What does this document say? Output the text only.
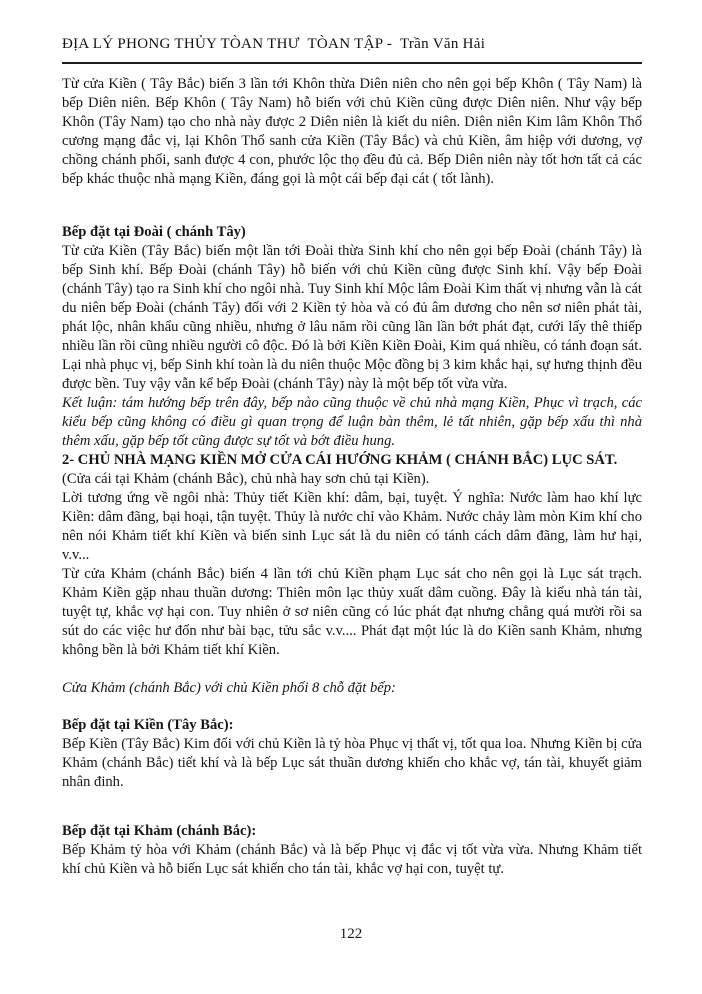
ĐỊA LÝ PHONG THỦY TÒAN THƯ  TÒAN TẬP -  Trần Văn Hải

Từ cửa Kiền ( Tây Bắc) biến 3 lần tới Khôn thừa Diên niên cho nên gọi bếp Khôn ( Tây Nam) là bếp Diên niên. Bếp Khôn ( Tây Nam) hỗ biến với chủ Kiền cũng được Diên niên. Như vậy bếp Khôn (Tây Nam) tạo cho nhà này được 2 Diên niên là kiết du niên. Diên niên Kim lâm Khôn Thổ cương mạng đắc vị, lại Khôn Thổ sanh cửa Kiền (Tây Bắc) và chủ Kiền, âm hiệp với dương, vợ chồng chánh phối, sanh được 4 con, phước lộc thọ đều đủ cả. Bếp Diên niên này tốt hơn tất cả các bếp khác thuộc nhà mạng Kiền, đáng gọi là một cái bếp đại cát ( tốt lành).

Bếp đặt tại Đoài ( chánh Tây)

Từ cửa Kiền (Tây Bắc) biến một lần tới Đoài thừa Sinh khí cho nên gọi bếp Đoài (chánh Tây) là bếp Sinh khí. Bếp Đoài (chánh Tây) hỗ biến với chủ Kiền cũng được Sinh khí. Vậy bếp Đoài (chánh Tây) tạo ra Sinh khí cho ngôi nhà. Tuy Sinh khí Mộc lâm Đoài Kim thất vị nhưng vẫn là cát du niên bếp Đoài (chánh Tây) đối với 2 Kiền tỷ hòa và có đủ âm dương cho nên sơ niên phát tài, phát lộc, nhân khẩu cũng nhiều, nhưng ở lâu năm rồi cũng lần lần bớt phát đạt, cưới lấy thê thiếp nhiều lần rồi cũng nhiều người cô độc. Đó là bởi Kiền Kiền Đoài, Kim quá nhiều, có tánh đoạn sát. Lại nhà phục vị, bếp Sinh khí toàn là du niên thuộc Mộc đồng bị 3 kim khắc hại, sự hưng thịnh đều được bền. Tuy vậy vẫn kể bếp Đoài (chánh Tây) này là một bếp tốt vừa vừa.

Kết luận: tám hướng bếp trên đây, bếp nào cũng thuộc về chủ nhà mạng Kiền, Phục vì trạch, các kiểu bếp cũng không có điều gì quan trọng để luận bàn thêm, lẻ tất nhiên, gặp bếp xấu thì nhà thêm xấu, gặp bếp tốt cũng được sự tốt và bớt điều hung.

2- CHỦ NHÀ MẠNG KIỀN MỞ CỬA CÁI HƯỚNG KHẢM ( CHÁNH BẮC) LỤC SÁT.

(Cửa cái tại Khảm (chánh Bắc), chủ nhà hay sơn chủ tại Kiền).

Lời tương ứng về ngôi nhà: Thủy tiết Kiền khí: dâm, bại, tuyệt. Ý nghĩa: Nước làm hao khí lực Kiền: dâm đãng, bại hoại, tận tuyệt. Thủy là nước chỉ vào Khảm. Nước chảy làm mòn Kim khí cho nên nói Khảm tiết khí Kiền và biến sinh Lục sát là du niên có tánh cách dâm đãng, làm hư hại, v.v...

Từ cửa Khảm (chánh Bắc) biến 4 lần tới chủ Kiền phạm Lục sát cho nên gọi là Lục sát trạch. Khảm Kiền gặp nhau thuần dương: Thiên môn lạc thủy xuất dâm cuồng. Đây là kiểu nhà tán tài, tuyệt tự, khắc vợ hại con. Tuy nhiên ở sơ niên cũng có lúc phát đạt nhưng chẳng quá mười rồi sa sút do các việc hư đốn như bài bạc, tửu sắc v.v.... Phát đạt một lúc là do Kiền sanh Khảm, nhưng không bền là bởi Khảm tiết khí Kiền.

Cửa Khảm (chánh Bắc) với chủ Kiền phối 8 chỗ đặt bếp:

Bếp đặt tại Kiền (Tây Bắc):

Bếp Kiền (Tây Bắc) Kim đối với chủ Kiền là tỷ hòa Phục vị thất vị, tốt qua loa. Nhưng Kiền bị cửa Khảm (chánh Bắc) tiết khí và là bếp Lục sát thuần dương khiến cho khắc vợ, tán tài, khuyết giảm nhân đinh.

Bếp đặt tại Khảm (chánh Bắc):

Bếp Khảm tỷ hòa với Khảm (chánh Bắc) và là bếp Phục vị đắc vị tốt vừa vừa. Nhưng Khảm tiết khí chủ Kiền và hỗ biến Lục sát khiến cho tán tài, khắc vợ hại con, tuyệt tự.

122
